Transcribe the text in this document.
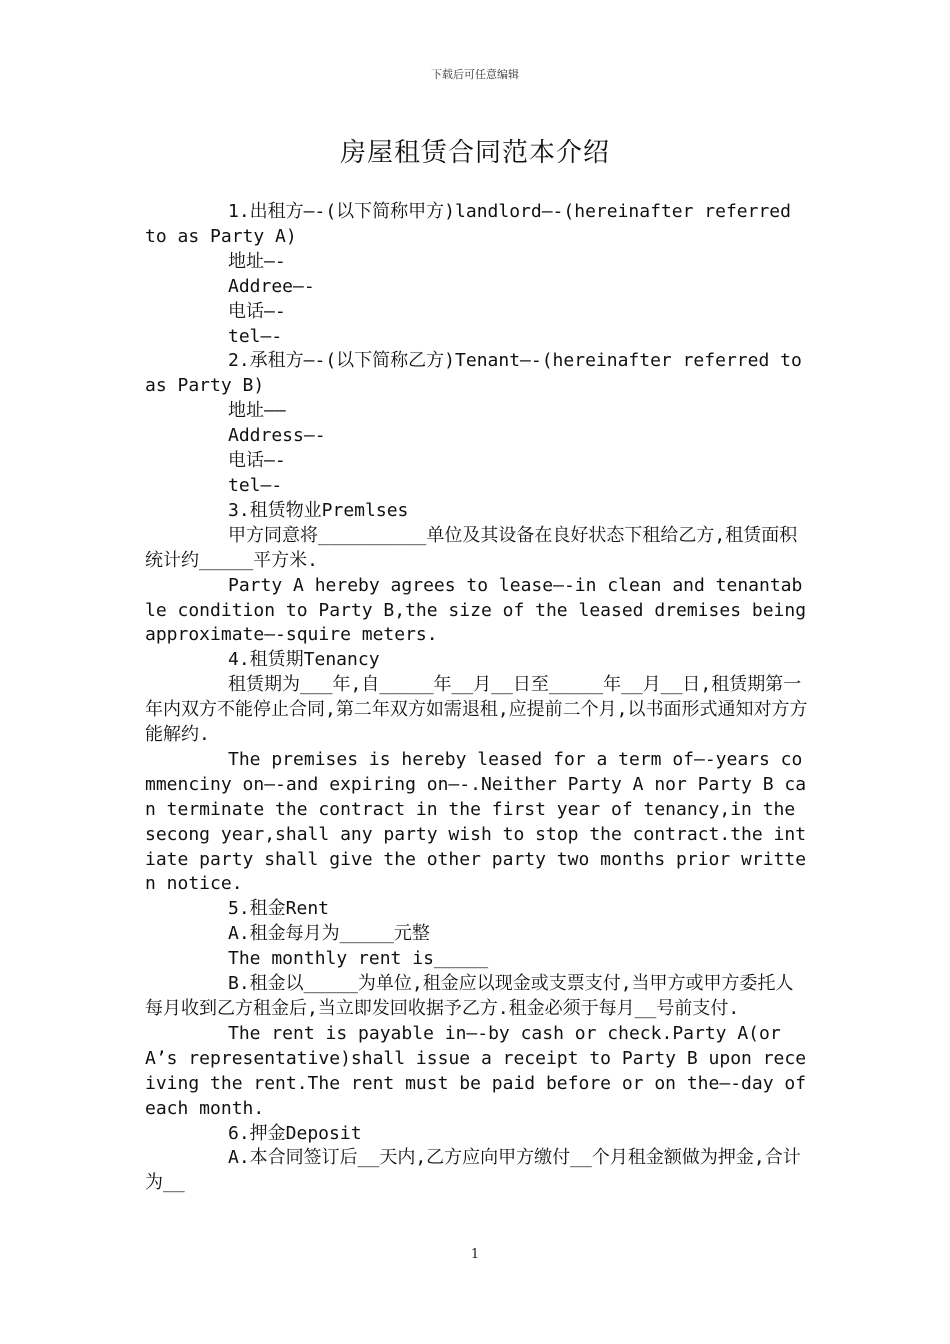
下载后可任意编辑
房屋租赁合同范本介绍

1.出租方—-(以下简称甲方)landlord—-(hereinafter referred to as Party A)

地址—-

Addree—-

电话—-

tel—-

2.承租方—-(以下简称乙方)Tenant—-(hereinafter referred to as Party B)

地址——

Address—-

电话—-

tel—-

3.租赁物业Premlses

甲方同意将__________单位及其设备在良好状态下租给乙方,租赁面积统计约_____平方米.

Party A hereby agrees to lease—-in clean and tenantable condition to Party B,the size of the leased dremises being approximate—-squire meters.

4.租赁期Tenancy

租赁期为___年,自_____年__月__日至_____年__月__日,租赁期第一年内双方不能停止合同,第二年双方如需退租,应提前二个月,以书面形式通知对方方能解约.

The premises is hereby leased for a term of—-years commenciny on—-and expiring on—-.Neither Party A nor Party B can terminate the contract in the first year of tenancy,in the secong year,shall any party wish to stop the contract.the intiate party shall give the other party two months prior written notice.

5.租金Rent

A.租金每月为_____元整

The monthly rent is_____

B.租金以_____为单位,租金应以现金或支票支付,当甲方或甲方委托人每月收到乙方租金后,当立即发回收据予乙方.租金必须于每月__号前支付.

The rent is payable in—-by cash or check.Party A(or A’s representative)shall issue a receipt to Party B upon receiving the rent.The rent must be paid before or on the—-day of each month.

6.押金Deposit

A.本合同签订后__天内,乙方应向甲方缴付__个月租金额做为押金,合计为__

1
